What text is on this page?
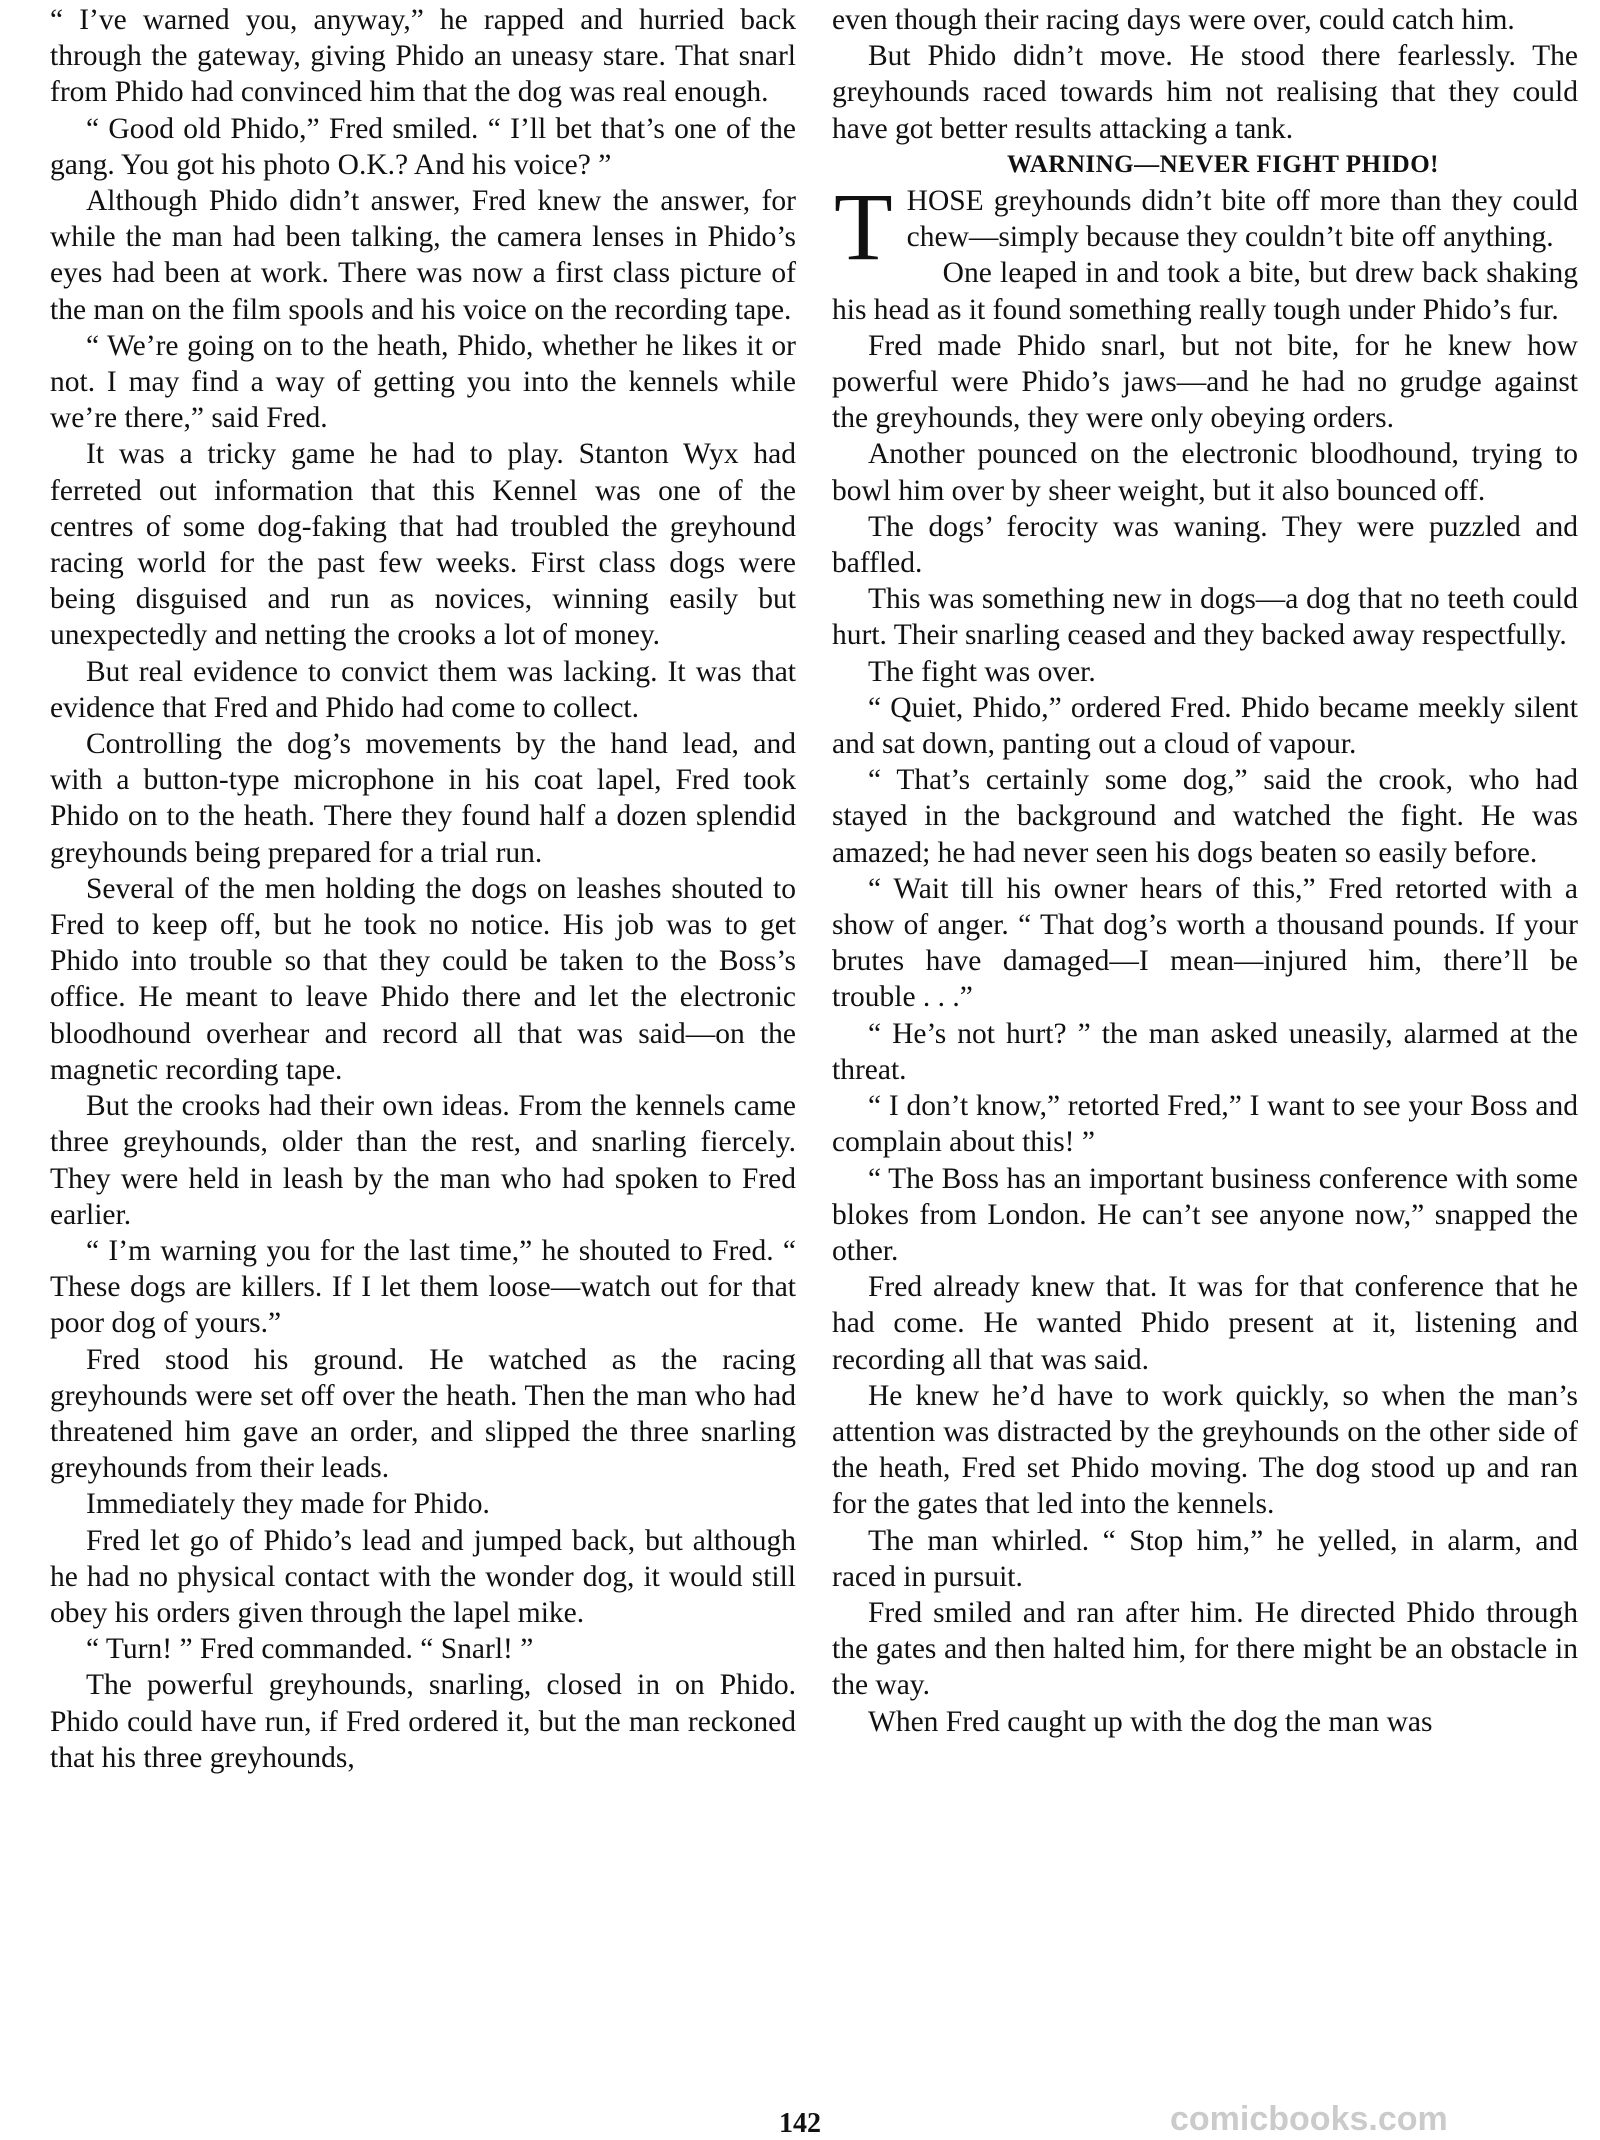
“ I’ve warned you, anyway,” he rapped and hurried back through the gateway, giving Phido an uneasy stare. That snarl from Phido had convinced him that the dog was real enough.

“ Good old Phido,” Fred smiled. “ I’ll bet that’s one of the gang. You got his photo O.K.? And his voice? ”

Although Phido didn’t answer, Fred knew the answer, for while the man had been talking, the camera lenses in Phido’s eyes had been at work. There was now a first class picture of the man on the film spools and his voice on the recording tape.

“ We’re going on to the heath, Phido, whether he likes it or not. I may find a way of getting you into the kennels while we’re there,” said Fred.

It was a tricky game he had to play. Stanton Wyx had ferreted out information that this Kennel was one of the centres of some dog-faking that had troubled the greyhound racing world for the past few weeks. First class dogs were being disguised and run as novices, winning easily but unexpectedly and netting the crooks a lot of money.

But real evidence to convict them was lacking. It was that evidence that Fred and Phido had come to collect.

Controlling the dog’s movements by the hand lead, and with a button-type microphone in his coat lapel, Fred took Phido on to the heath. There they found half a dozen splendid greyhounds being prepared for a trial run.

Several of the men holding the dogs on leashes shouted to Fred to keep off, but he took no notice. His job was to get Phido into trouble so that they could be taken to the Boss’s office. He meant to leave Phido there and let the electronic bloodhound overhear and record all that was said—on the magnetic recording tape.

But the crooks had their own ideas. From the kennels came three greyhounds, older than the rest, and snarling fiercely. They were held in leash by the man who had spoken to Fred earlier.

“ I’m warning you for the last time,” he shouted to Fred. “ These dogs are killers. If I let them loose—watch out for that poor dog of yours.”

Fred stood his ground. He watched as the racing greyhounds were set off over the heath. Then the man who had threatened him gave an order, and slipped the three snarling greyhounds from their leads.

Immediately they made for Phido.

Fred let go of Phido’s lead and jumped back, but although he had no physical contact with the wonder dog, it would still obey his orders given through the lapel mike.

“ Turn! ” Fred commanded. “ Snarl! ”

The powerful greyhounds, snarling, closed in on Phido. Phido could have run, if Fred ordered it, but the man reckoned that his three greyhounds,

even though their racing days were over, could catch him.

But Phido didn’t move. He stood there fearlessly. The greyhounds raced towards him not realising that they could have got better results attacking a tank.

WARNING—NEVER FIGHT PHIDO!

THOSE greyhounds didn’t bite off more than they could chew—simply because they couldn’t bite off anything.

One leaped in and took a bite, but drew back shaking his head as it found something really tough under Phido’s fur.

Fred made Phido snarl, but not bite, for he knew how powerful were Phido’s jaws—and he had no grudge against the greyhounds, they were only obeying orders.

Another pounced on the electronic bloodhound, trying to bowl him over by sheer weight, but it also bounced off.

The dogs’ ferocity was waning. They were puzzled and baffled.

This was something new in dogs—a dog that no teeth could hurt. Their snarling ceased and they backed away respectfully.

The fight was over.

“ Quiet, Phido,” ordered Fred. Phido became meekly silent and sat down, panting out a cloud of vapour.

“ That’s certainly some dog,” said the crook, who had stayed in the background and watched the fight. He was amazed; he had never seen his dogs beaten so easily before.

“ Wait till his owner hears of this,” Fred retorted with a show of anger. “ That dog’s worth a thousand pounds. If your brutes have damaged—I mean—injured him, there’ll be trouble . . .”

“ He’s not hurt? ” the man asked uneasily, alarmed at the threat.

“ I don’t know,” retorted Fred,” I want to see your Boss and complain about this! ”

“ The Boss has an important business conference with some blokes from London. He can’t see anyone now,” snapped the other.

Fred already knew that. It was for that conference that he had come. He wanted Phido present at it, listening and recording all that was said.

He knew he’d have to work quickly, so when the man’s attention was distracted by the greyhounds on the other side of the heath, Fred set Phido moving. The dog stood up and ran for the gates that led into the kennels.

The man whirled. “ Stop him,” he yelled, in alarm, and raced in pursuit.

Fred smiled and ran after him. He directed Phido through the gates and then halted him, for there might be an obstacle in the way.

When Fred caught up with the dog the man was

142	comicbooks.com
